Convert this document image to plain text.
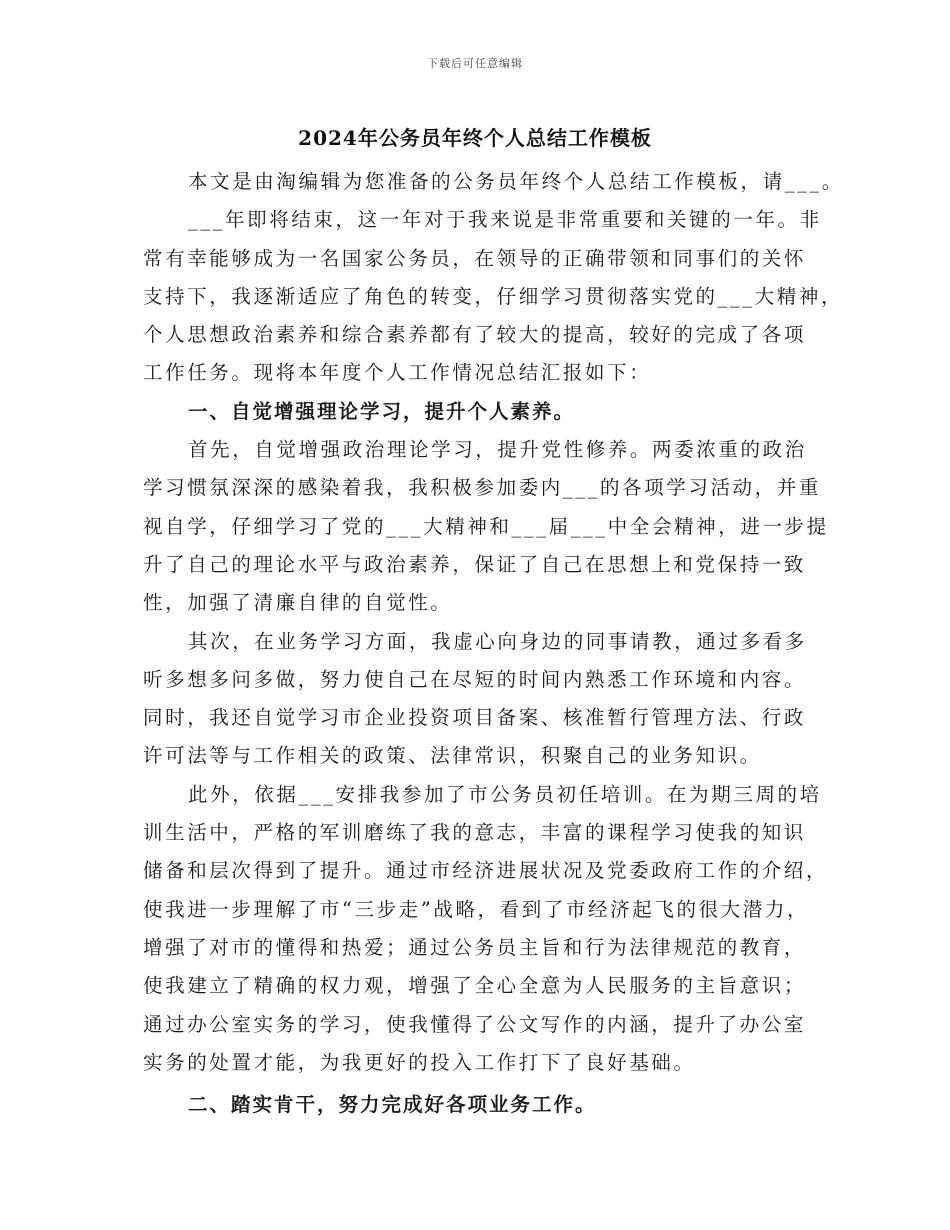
下载后可任意编辑
2024年公务员年终个人总结工作模板
本文是由淘编辑为您准备的公务员年终个人总结工作模板，请___。
___年即将结束，这一年对于我来说是非常重要和关键的一年。非
常有幸能够成为一名国家公务员，在领导的正确带领和同事们的关怀
支持下，我逐渐适应了角色的转变，仔细学习贯彻落实党的___大精神，
个人思想政治素养和综合素养都有了较大的提高，较好的完成了各项
工作任务。现将本年度个人工作情况总结汇报如下：
一、自觉增强理论学习，提升个人素养。
首先，自觉增强政治理论学习，提升党性修养。两委浓重的政治
学习惯氛深深的感染着我，我积极参加委内___的各项学习活动，并重
视自学，仔细学习了党的___大精神和___届___中全会精神，进一步提
升了自己的理论水平与政治素养，保证了自己在思想上和党保持一致
性，加强了清廉自律的自觉性。
其次，在业务学习方面，我虚心向身边的同事请教，通过多看多
听多想多问多做，努力使自己在尽短的时间内熟悉工作环境和内容。
同时，我还自觉学习市企业投资项目备案、核准暂行管理方法、行政
许可法等与工作相关的政策、法律常识，积聚自己的业务知识。
此外，依据___安排我参加了市公务员初任培训。在为期三周的培
训生活中，严格的军训磨练了我的意志，丰富的课程学习使我的知识
储备和层次得到了提升。通过市经济进展状况及党委政府工作的介绍，
使我进一步理解了市“三步走”战略，看到了市经济起飞的很大潜力，
增强了对市的懂得和热爱；通过公务员主旨和行为法律规范的教育，
使我建立了精确的权力观，增强了全心全意为人民服务的主旨意识；
通过办公室实务的学习，使我懂得了公文写作的内涵，提升了办公室
实务的处置才能，为我更好的投入工作打下了良好基础。
二、踏实肯干，努力完成好各项业务工作。
